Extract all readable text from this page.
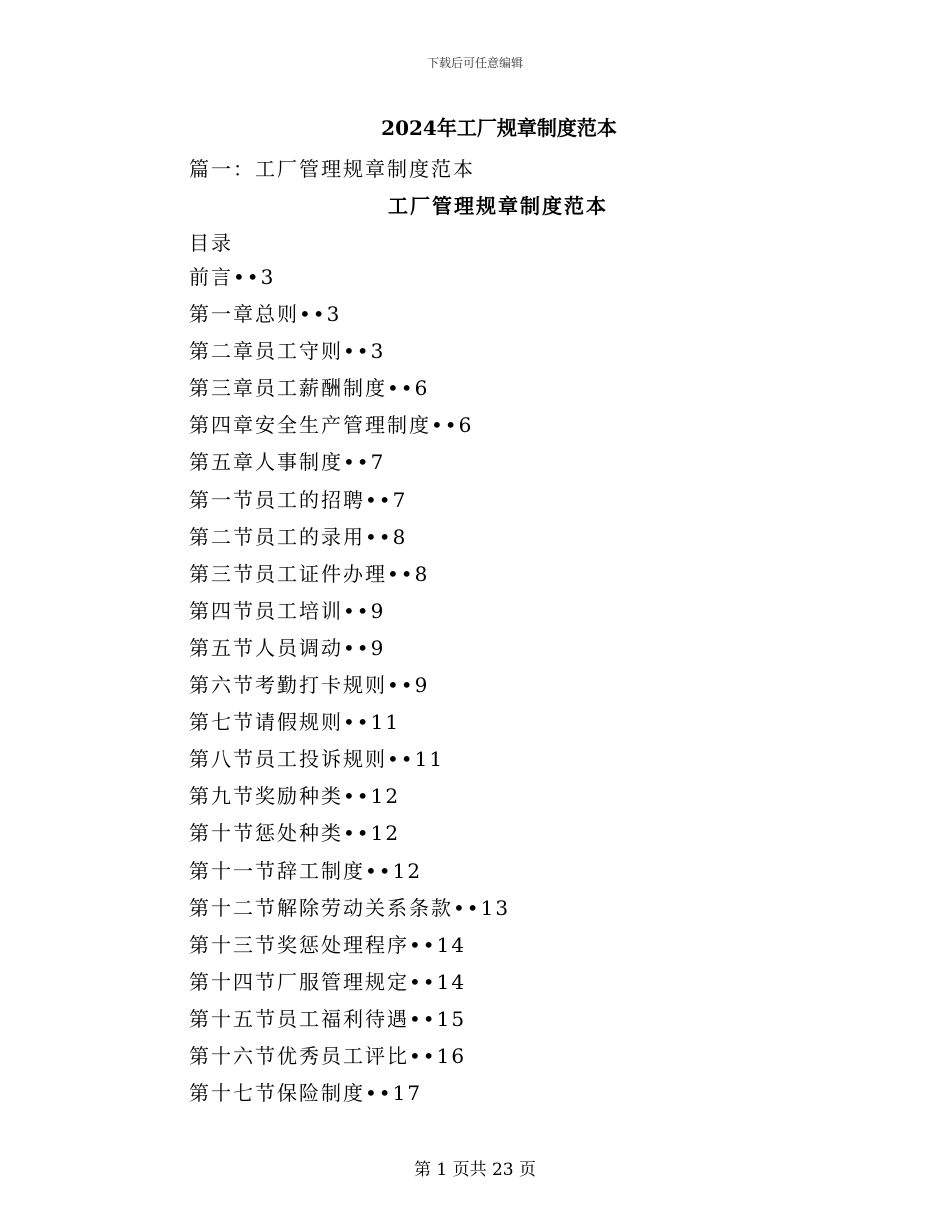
下载后可任意编辑
2024年工厂规章制度范本
篇一：工厂管理规章制度范本
工厂管理规章制度范本
目录
前言••3
第一章总则••3
第二章员工守则••3
第三章员工薪酬制度••6
第四章安全生产管理制度••6
第五章人事制度••7
第一节员工的招聘••7
第二节员工的录用••8
第三节员工证件办理••8
第四节员工培训••9
第五节人员调动••9
第六节考勤打卡规则••9
第七节请假规则••11
第八节员工投诉规则••11
第九节奖励种类••12
第十节惩处种类••12
第十一节辞工制度••12
第十二节解除劳动关系条款••13
第十三节奖惩处理程序••14
第十四节厂服管理规定••14
第十五节员工福利待遇••15
第十六节优秀员工评比••16
第十七节保险制度••17
第 1 页共 23 页
